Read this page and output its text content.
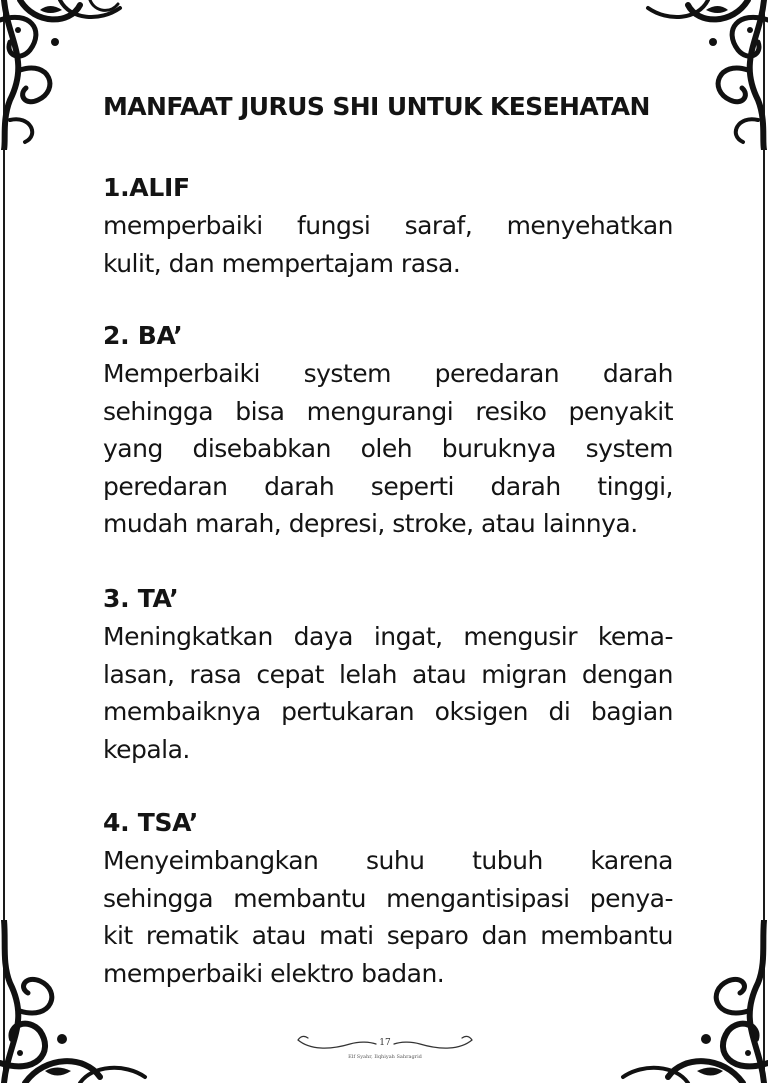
MANFAAT JURUS SHI UNTUK KESEHATAN
1.ALIF
memperbaiki fungsi saraf, menyehatkan
kulit, dan mempertajam rasa.
2. BA’
Memperbaiki system peredaran darah
sehingga bisa mengurangi resiko penyakit
yang disebabkan oleh buruknya system
peredaran darah seperti darah tinggi,
mudah marah, depresi, stroke, atau lainnya.
3. TA’
Meningkatkan daya ingat, mengusir kema-
lasan, rasa cepat lelah atau migran dengan
membaiknya pertukaran oksigen di bagian
kepala.
4. TSA’
Menyeimbangkan suhu tubuh karena
sehingga membantu mengantisipasi penya-
kit rematik atau mati separo dan membantu
memperbaiki elektro badan.
17
Elf Syahr, Ilqhiyah Sahragrid
